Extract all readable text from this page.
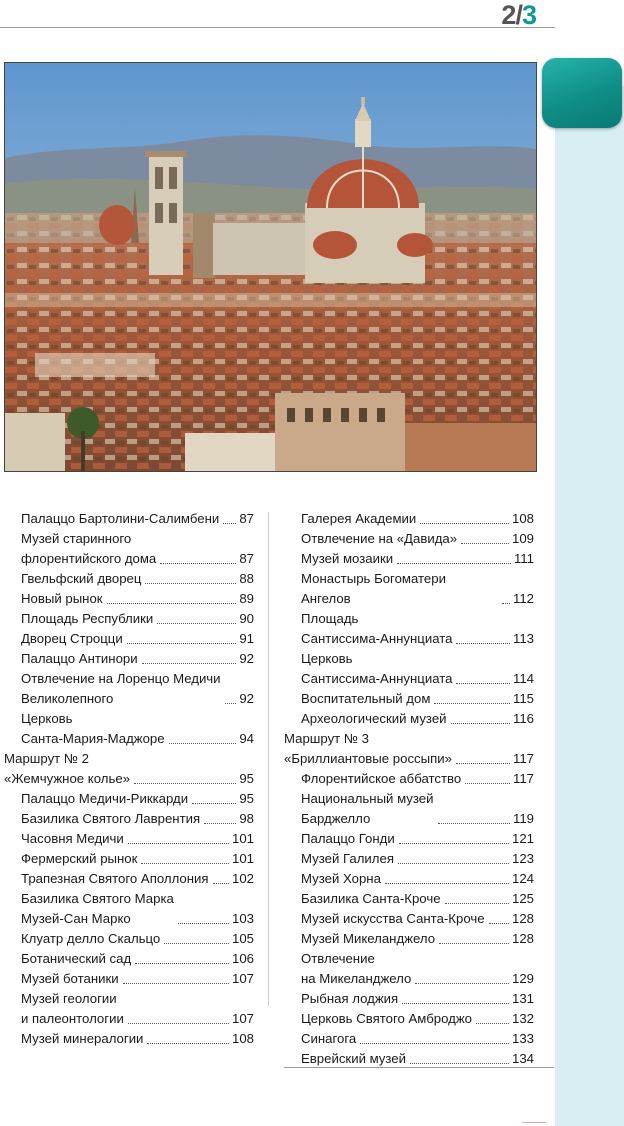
2/3
Палаццо Бартолини-Салимбени 87
Музей старинного
флорентийского дома	87
Гвельфский дворец	88
Новый рынок	89
Площадь Республики	90
Дворец Строцци	91
Палаццо Антинори	92
Отвлечение на Лоренцо Медичи
Великолепного	92
Церковь
Санта-Мария-Маджоре	94
Маршрут № 2
«Жемчужное колье»	95
Палаццо Медичи-Риккарди	95
Базилика Святого Лаврентия	98
Часовня Медичи	101
Фермерский рынок	101
Трапезная Святого Аполлония 102
Базилика Святого Марка
Музей-Сан Марко	103
Клуатр делло Скальцо	105
Ботанический сад	106
Музей ботаники	107
Музей геологии
и палеонтологии	107
Музей минералогии	108
Галерея Академии	108
Отвлечение на «Давида»	109
Музей мозаики	111
Монастырь Богоматери Ангелов	112
Площадь
Сантиссима-Аннунциата	113
Церковь
Сантиссима-Аннунциата	114
Воспитательный дом	115
Археологический музей	116
Маршрут № 3
«Бриллиантовые россыпи»	117
Флорентийское аббатство	117
Национальный музей
Барджелло	119
Палаццо Гонди	121
Музей Галилея	123
Музей Хорна	124
Базилика Санта-Кроче	125
Музей искусства Санта-Кроче 128
Музей Микеланджело	128
Отвлечение
на Микеланджело	129
Рыбная лоджия	131
Церковь Святого Амброджо	132
Синагога	133
Еврейский музей	134
